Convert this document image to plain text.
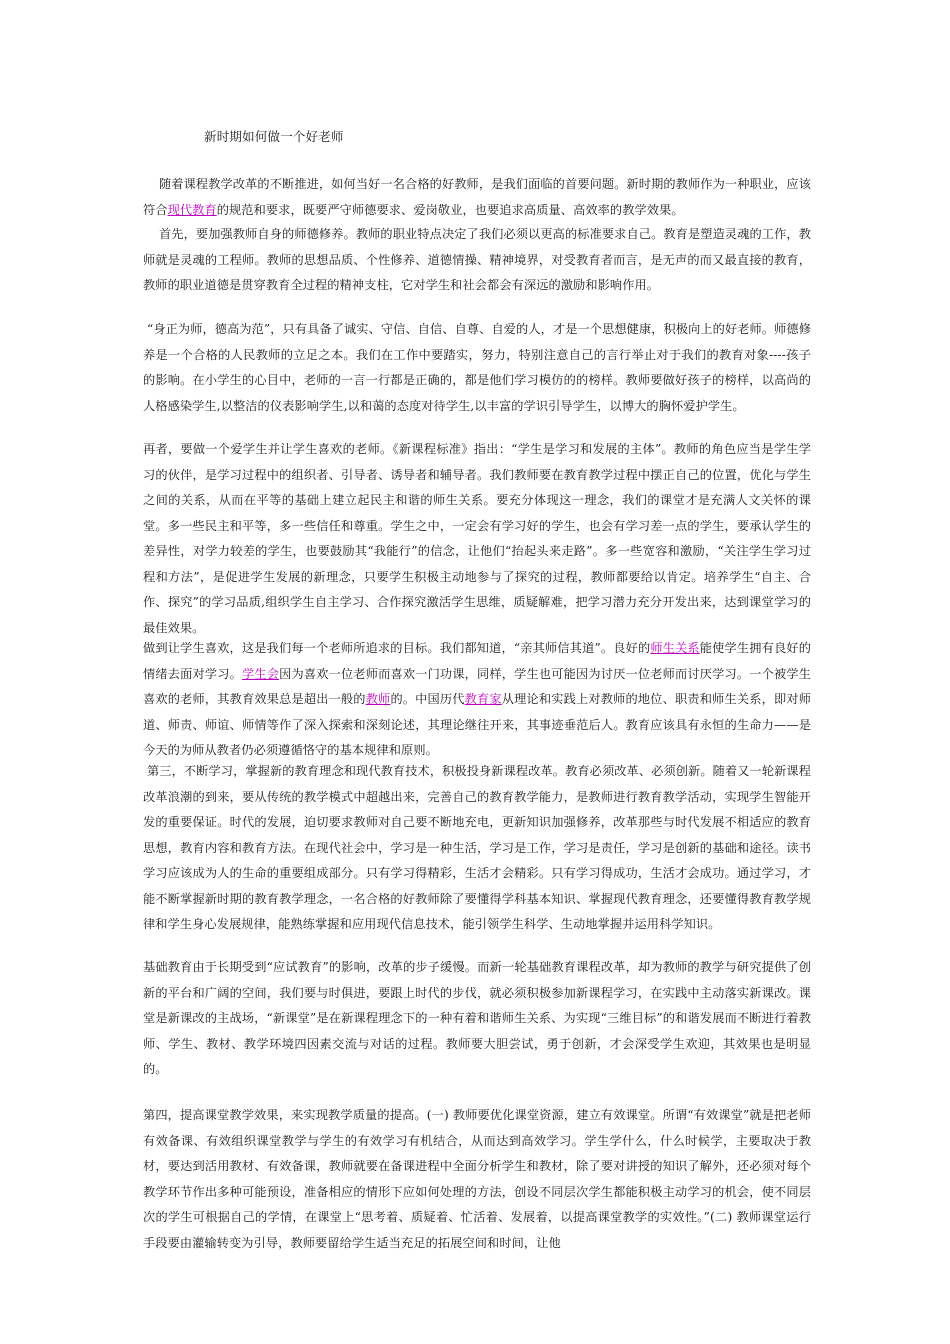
新时期如何做一个好老师

随着课程教学改革的不断推进，如何当好一名合格的好教师，是我们面临的首要问题。新时期的教师作为一种职业，应该符合现代教育的规范和要求，既要严守师德要求、爱岗敬业，也要追求高质量、高效率的教学效果。

首先，要加强教师自身的师德修养。教师的职业特点决定了我们必须以更高的标准要求自己。教育是塑造灵魂的工作，教师就是灵魂的工程师。教师的思想品质、个性修养、道德情操、精神境界，对受教育者而言，是无声的而又最直接的教育，教师的职业道德是贯穿教育全过程的精神支柱，它对学生和社会都会有深远的激励和影响作用。

“身正为师，德高为范”，只有具备了诚实、守信、自信、自尊、自爱的人，才是一个思想健康，积极向上的好老师。师德修养是一个合格的人民教师的立足之本。我们在工作中要踏实，努力，特别注意自己的言行举止对于我们的教育对象----孩子的影响。在小学生的心目中，老师的一言一行都是正确的，都是他们学习模仿的的榜样。教师要做好孩子的榜样，以高尚的人格感染学生,以整洁的仪表影响学生,以和蔼的态度对待学生,以丰富的学识引导学生，以博大的胸怀爱护学生。

再者，要做一个爱学生并让学生喜欢的老师。《新课程标准》指出：“学生是学习和发展的主体”。教师的角色应当是学生学习的伙伴，是学习过程中的组织者、引导者、诱导者和辅导者。我们教师要在教育教学过程中摆正自己的位置，优化与学生之间的关系，从而在平等的基础上建立起民主和谐的师生关系。要充分体现这一理念，我们的课堂才是充满人文关怀的课堂。多一些民主和平等，多一些信任和尊重。学生之中，一定会有学习好的学生，也会有学习差一点的学生，要承认学生的差异性，对学力较差的学生，也要鼓励其“我能行”的信念，让他们“抬起头来走路”。多一些宽容和激励，“关注学生学习过程和方法”，是促进学生发展的新理念，只要学生积极主动地参与了探究的过程，教师都要给以肯定。培养学生“自主、合作、探究”的学习品质,组织学生自主学习、合作探究激活学生思维，质疑解难，把学习潜力充分开发出来，达到课堂学习的最佳效果。

做到让学生喜欢，这是我们每一个老师所追求的目标。我们都知道，“亲其师信其道”。良好的师生关系能使学生拥有良好的情绪去面对学习。学生会因为喜欢一位老师而喜欢一门功课，同样，学生也可能因为讨厌一位老师而讨厌学习。一个被学生喜欢的老师，其教育效果总是超出一般的教师的。中国历代教育家从理论和实践上对教师的地位、职责和师生关系，即对师道、师责、师谊、师情等作了深入探索和深刻论述，其理论继往开来，其事迹垂范后人。教育应该具有永恒的生命力——是今天的为师从教者仍必须遵循恪守的基本规律和原则。

第三，不断学习，掌握新的教育理念和现代教育技术，积极投身新课程改革。教育必须改革、必须创新。随着又一轮新课程改革浪潮的到来，要从传统的教学模式中超越出来，完善自己的教育教学能力，是教师进行教育教学活动，实现学生智能开发的重要保证。时代的发展，迫切要求教师对自己要不断地充电，更新知识加强修养，改革那些与时代发展不相适应的教育思想，教育内容和教育方法。在现代社会中，学习是一种生活，学习是工作，学习是责任，学习是创新的基础和途径。读书学习应该成为人的生命的重要组成部分。只有学习得精彩，生活才会精彩。只有学习得成功，生活才会成功。通过学习，才能不断掌握新时期的教育教学理念，一名合格的好教师除了要懂得学科基本知识、掌握现代教育理念，还要懂得教育教学规律和学生身心发展规律，能熟练掌握和应用现代信息技术，能引领学生科学、生动地掌握并运用科学知识。

基础教育由于长期受到“应试教育”的影响，改革的步子缓慢。而新一轮基础教育课程改革，却为教师的教学与研究提供了创新的平台和广阔的空间，我们要与时俱进，要跟上时代的步伐，就必须积极参加新课程学习，在实践中主动落实新课改。课堂是新课改的主战场，“新课堂”是在新课程理念下的一种有着和谐师生关系、为实现“三维目标”的和谐发展而不断进行着教师、学生、教材、教学环境四因素交流与对话的过程。教师要大胆尝试，勇于创新，才会深受学生欢迎，其效果也是明显的。

第四，提高课堂教学效果，来实现教学质量的提高。(一) 教师要优化课堂资源，建立有效课堂。所谓“有效课堂”就是把老师有效备课、有效组织课堂教学与学生的有效学习有机结合，从而达到高效学习。学生学什么，什么时候学，主要取决于教材，要达到活用教材、有效备课，教师就要在备课进程中全面分析学生和教材，除了要对讲授的知识了解外，还必须对每个教学环节作出多种可能预设，准备相应的情形下应如何处理的方法，创设不同层次学生都能积极主动学习的机会，使不同层次的学生可根据自己的学情，在课堂上“思考着、质疑着、忙活着、发展着，以提高课堂教学的实效性。”(二) 教师课堂运行手段要由灌输转变为引导，教师要留给学生适当充足的拓展空间和时间，让他
